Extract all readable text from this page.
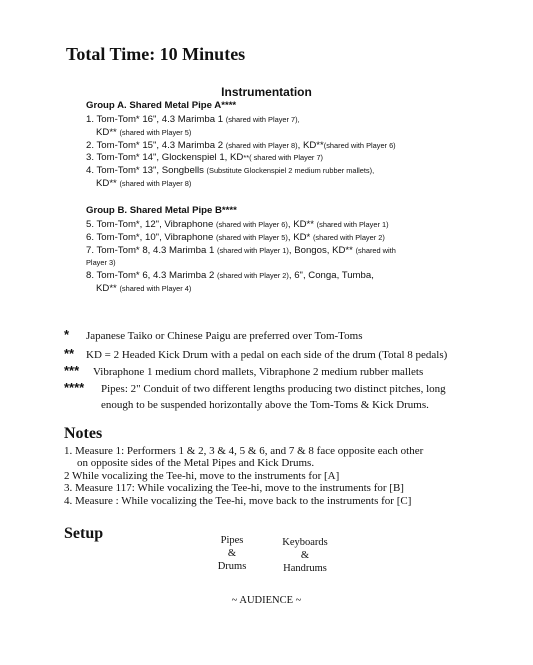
Total Time: 10 Minutes
Instrumentation
Group A. Shared Metal Pipe A****
1. Tom-Tom* 16", 4.3 Marimba 1 (shared with Player 7),
KD** (shared with Player 5)
2. Tom-Tom* 15", 4.3 Marimba 2 (shared with Player 8), KD**(shared with Player 6)
3. Tom-Tom* 14", Glockenspiel 1, KD**( shared with Player 7)
4. Tom-Tom* 13", Songbells (Substitute Glockenspiel 2 medium rubber mallets),
KD** (shared with Player 8)
Group B. Shared Metal Pipe B****
5. Tom-Tom*, 12", Vibraphone (shared with Player 6), KD** (shared with Player 1)
6. Tom-Tom*, 10", Vibraphone (shared with Player 5), KD* (shared with Player 2)
7. Tom-Tom* 8, 4.3 Marimba 1 (shared with Player 1), Bongos, KD** (shared with
Player 3)
8. Tom-Tom* 6, 4.3 Marimba 2 (shared with Player 2), 6", Conga, Tumba,
KD** (shared with Player 4)
* Japanese Taiko or Chinese Paigu are preferred over Tom-Toms
** KD = 2 Headed Kick Drum with a pedal on each side of the drum (Total 8 pedals)
*** Vibraphone 1 medium chord mallets, Vibraphone 2 medium rubber mallets
**** Pipes: 2" Conduit of two different lengths producing two distinct pitches, long
enough to be suspended horizontally above the Tom-Toms & Kick Drums.
Notes
1. Measure 1: Performers 1 & 2, 3 & 4, 5 & 6, and 7 & 8 face opposite each other
on opposite sides of the Metal Pipes and Kick Drums.
2 While vocalizing the Tee-hi, move to the instruments for [A]
3. Measure 117: While vocalizing the Tee-hi, move to the instruments for [B]
4. Measure : While vocalizing the Tee-hi, move back to the instruments for [C]
Setup	Pipes
&
Drums
Keyboards
&
Handrums
~ AUDIENCE ~
